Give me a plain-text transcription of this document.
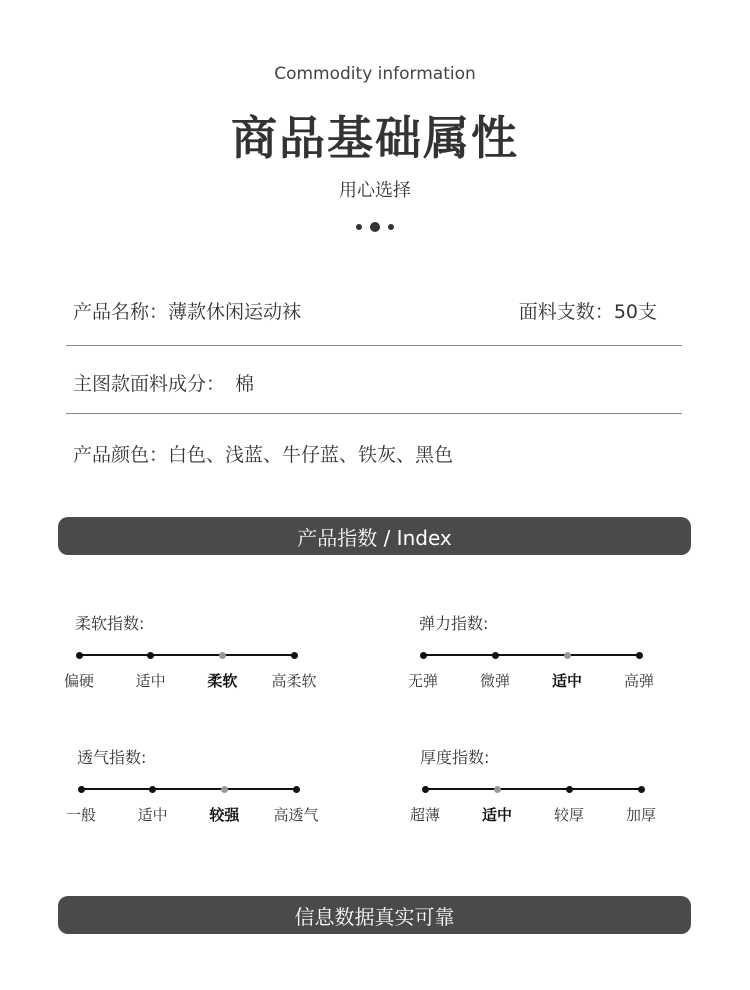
Commodity information
商品基础属性
用心选择
产品名称：薄款休闲运动袜	面料支数：50支
主图款面料成分： 棉
产品颜色：白色、浅蓝、牛仔蓝、铁灰、黑色
产品指数 / Index
柔软指数:
偏硬	适中	柔软	高柔软
弹力指数:
无弹	微弹	适中	高弹
透气指数:
一般	适中	较强	高透气
厚度指数:
超薄	适中	较厚	加厚
信息数据真实可靠
